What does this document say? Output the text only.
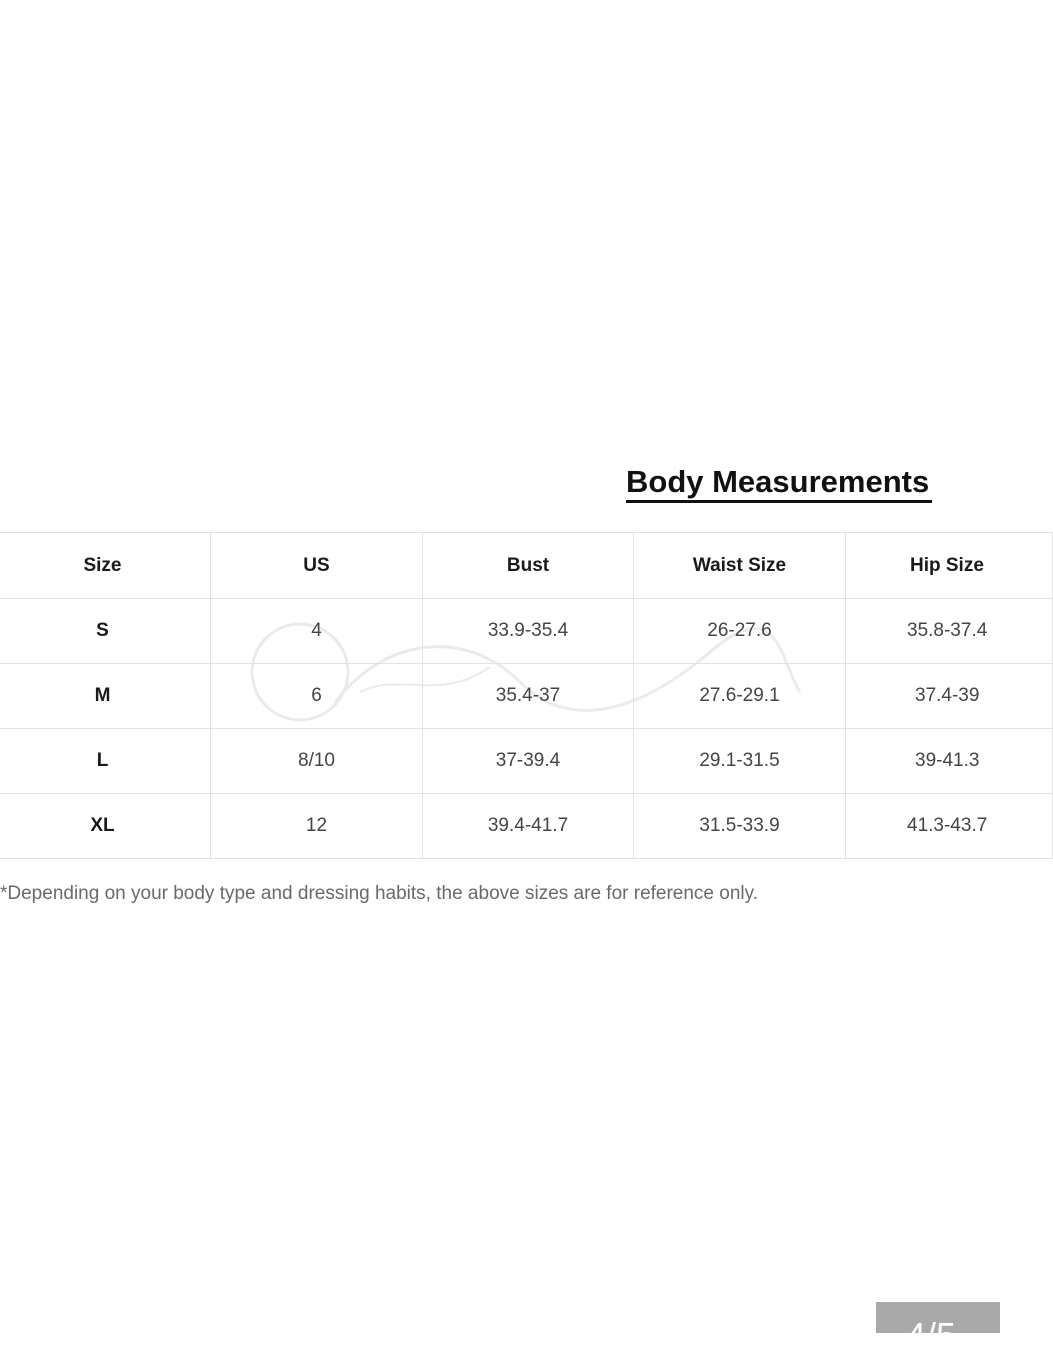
Body Measurements
Size	US	Bust	Waist Size	Hip Size
S	4	33.9-35.4	26-27.6	35.8-37.4
M	6	35.4-37	27.6-29.1	37.4-39
L	8/10	37-39.4	29.1-31.5	39-41.3
XL	12	39.4-41.7	31.5-33.9	41.3-43.7
*Depending on your body type and dressing habits, the above sizes are for reference only.
4/5
